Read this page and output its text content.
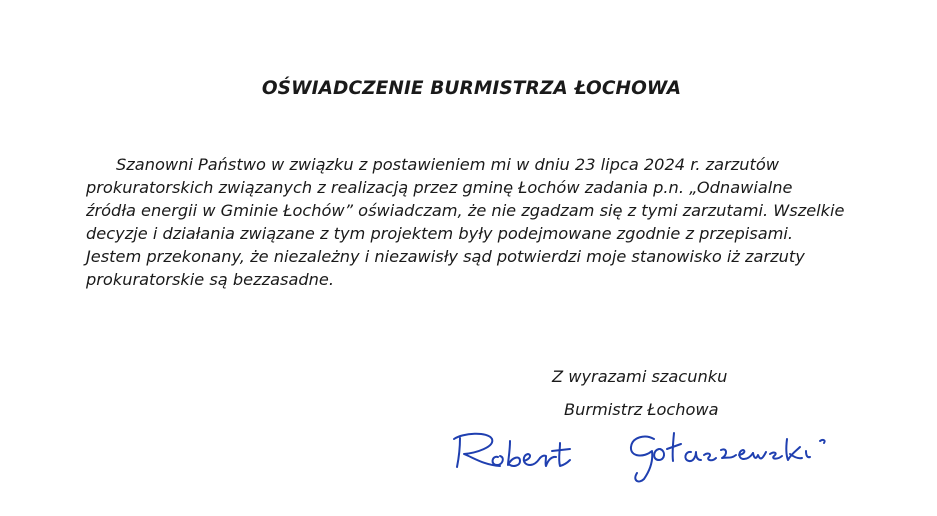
OŚWIADCZENIE BURMISTRZA ŁOCHOWA
Szanowni Państwo w związku z postawieniem mi w dniu 23 lipca 2024 r. zarzutów
prokuratorskich związanych z realizacją przez gminę Łochów zadania p.n. „Odnawialne
źródła energii w Gminie Łochów” oświadczam, że nie zgadzam się z tymi zarzutami. Wszelkie
decyzje i działania związane z tym projektem były podejmowane zgodnie z przepisami.
Jestem przekonany, że niezależny i niezawisły sąd potwierdzi moje stanowisko iż zarzuty
prokuratorskie są bezzasadne.
Z wyrazami szacunku
Burmistrz Łochowa
